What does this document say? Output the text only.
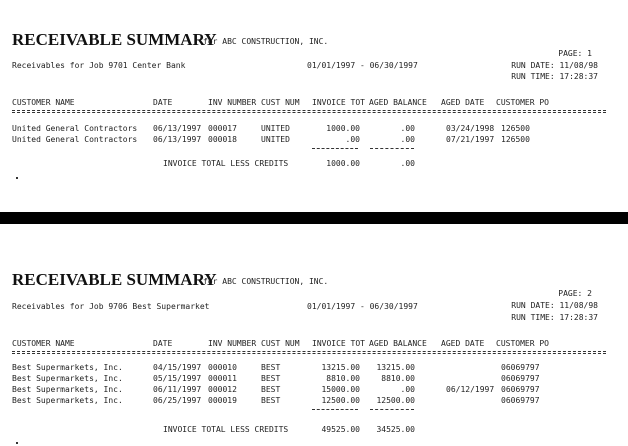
RECEIVABLE SUMMARY
for ABC CONSTRUCTION, INC.
Receivables for Job 9701 Center Bank	01/01/1997 - 06/30/1997
PAGE: 1
RUN DATE: 11/08/98
RUN TIME: 17:28:37
CUSTOMER NAME	DATE	INV NUMBER CUST NUM INVOICE TOT AGED BALANCE AGED DATE CUSTOMER PO
United General Contractors 06/13/1997 000017	UNITED	1000.00	.00	03/24/1998 126500
United General Contractors 06/13/1997 000018	UNITED	.00	.00	07/21/1997 126500
INVOICE TOTAL LESS CREDITS	1000.00	.00
RECEIVABLE SUMMARY
for ABC CONSTRUCTION, INC.
Receivables for Job 9706 Best Supermarket	01/01/1997 - 06/30/1997
PAGE: 2
RUN DATE: 11/08/98
RUN TIME: 17:28:37
CUSTOMER NAME	DATE	INV NUMBER CUST NUM INVOICE TOT AGED BALANCE AGED DATE CUSTOMER PO
Best Supermarkets, Inc.	04/15/1997 000010	BEST	13215.00	13215.00	06069797
Best Supermarkets, Inc.	05/15/1997 000011	BEST	8810.00	8810.00	06069797
Best Supermarkets, Inc.	06/11/1997 000012	BEST	15000.00	.00	06/12/1997 06069797
Best Supermarkets, Inc.	06/25/1997 000019	BEST	12500.00	12500.00	06069797
INVOICE TOTAL LESS CREDITS	49525.00	34525.00
